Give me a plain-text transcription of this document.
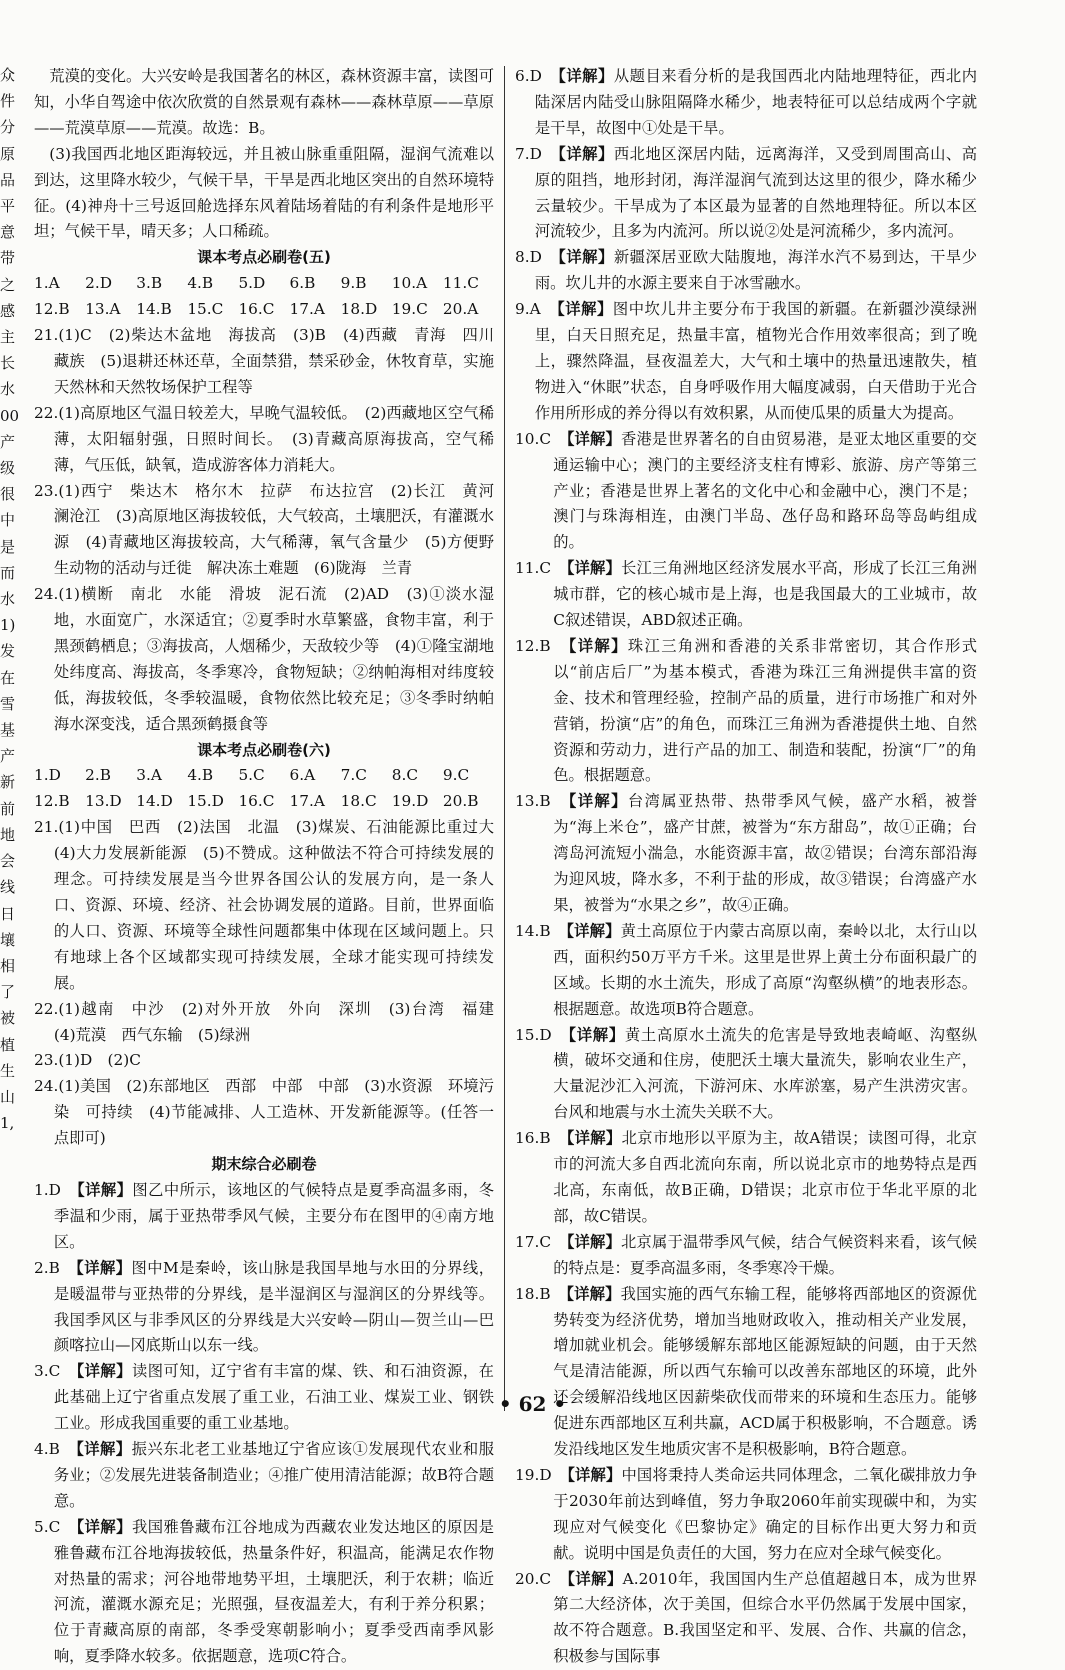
众
件
分
原
品
平
意
带
之
感
主
长
水
00
产
级
很
中
是
而
水
1)
发
在
雪
基
产
新
前
地
会
线
日
壤
相
了
被
植
生
山
1,

荒漠的变化。大兴安岭是我国著名的林区，森林资源丰富，读图可知，小华自驾途中依次欣赏的自然景观有森林——森林草原——草原——荒漠草原——荒漠。故选：B。

(3)我国西北地区距海较远，并且被山脉重重阻隔，湿润气流难以到达，这里降水较少，气候干旱，干旱是西北地区突出的自然环境特征。(4)神舟十三号返回舱选择东风着陆场着陆的有利条件是地形平坦；气候干旱，晴天多；人口稀疏。

课本考点必刷卷(五)

1.A	2.D	3.B	4.B	5.D	6.B	9.B	10.A	11.C
12.B	13.A	14.B	15.C 16.C 17.A	18.D 19.C 20.A

21.(1)C　(2)柴达木盆地　海拔高　(3)B　(4)西藏　青海　四川　藏族　(5)退耕还林还草，全面禁猎，禁采砂金，休牧育草，实施天然林和天然牧场保护工程等

22.(1)高原地区气温日较差大，早晚气温较低。　(2)西藏地区空气稀薄，太阳辐射强，日照时间长。　(3)青藏高原海拔高，空气稀薄，气压低，缺氧，造成游客体力消耗大。

23.(1)西宁　柴达木　格尔木　拉萨　布达拉宫　(2)长江　黄河　澜沧江　(3)高原地区海拔较低，大气较高，土壤肥沃，有灌溉水源　(4)青藏地区海拔较高，大气稀薄，氧气含量少　(5)方便野生动物的活动与迁徙　解决冻土难题　(6)陇海　兰青

24.(1)横断　南北　水能　滑坡　泥石流　(2)AD　(3)①淡水湿地，水面宽广，水深适宜；②夏季时水草繁盛，食物丰富，利于黑颈鹤栖息；③海拔高，人烟稀少，天敌较少等　(4)①隆宝湖地处纬度高、海拔高，冬季寒冷，食物短缺；②纳帕海相对纬度较低，海拔较低，冬季较温暖，食物依然比较充足；③冬季时纳帕海水深变浅，适合黑颈鹤摄食等

课本考点必刷卷(六)

1.D	2.B	3.A	4.B	5.C	6.A	7.C	8.C	9.C
12.B	13.D 14.D 15.D 16.C 17.A	18.C 19.D 20.B

21.(1)中国　巴西　(2)法国　北温　(3)煤炭、石油能源比重过大　(4)大力发展新能源　(5)不赞成。这种做法不符合可持续发展的理念。可持续发展是当今世界各国公认的发展方向，是一条人口、资源、环境、经济、社会协调发展的道路。目前，世界面临的人口、资源、环境等全球性问题都集中体现在区域问题上。只有地球上各个区域都实现可持续发展，全球才能实现可持续发展。

22.(1)越南　中沙　(2)对外开放　外向　深圳　(3)台湾　福建　(4)荒漠　西气东输　(5)绿洲

23.(1)D　(2)C

24.(1)美国　(2)东部地区　西部　中部　中部　(3)水资源　环境污染　可持续　(4)节能减排、人工造林、开发新能源等。(任答一点即可)

期末综合必刷卷

1.D　【详解】图乙中所示，该地区的气候特点是夏季高温多雨，冬季温和少雨，属于亚热带季风气候，主要分布在图甲的④南方地区。

2.B　【详解】图中M是秦岭，该山脉是我国旱地与水田的分界线，是暖温带与亚热带的分界线，是半湿润区与湿润区的分界线等。我国季风区与非季风区的分界线是大兴安岭—阴山—贺兰山—巴颜喀拉山—冈底斯山以东一线。

3.C　【详解】读图可知，辽宁省有丰富的煤、铁、和石油资源，在此基础上辽宁省重点发展了重工业，石油工业、煤炭工业、钢铁工业。形成我国重要的重工业基地。

4.B　【详解】振兴东北老工业基地辽宁省应该①发展现代农业和服务业；②发展先进装备制造业；④推广使用清洁能源；故B符合题意。

5.C　【详解】我国雅鲁藏布江谷地成为西藏农业发达地区的原因是雅鲁藏布江谷地海拔较低，热量条件好，积温高，能满足农作物对热量的需求；河谷地带地势平坦，土壤肥沃，利于农耕；临近河流，灌溉水源充足；光照强，昼夜温差大，有利于养分积累；位于青藏高原的南部，冬季受寒朝影响小；夏季受西南季风影响，夏季降水较多。依据题意，选项C符合。

6.D　【详解】从题目来看分析的是我国西北内陆地理特征，西北内陆深居内陆受山脉阻隔降水稀少，地表特征可以总结成两个字就是干旱，故图中①处是干旱。

7.D　【详解】西北地区深居内陆，远离海洋，又受到周围高山、高原的阻挡，地形封闭，海洋湿润气流到达这里的很少，降水稀少云量较少。干旱成为了本区最为显著的自然地理特征。所以本区河流较少，且多为内流河。所以说②处是河流稀少，多内流河。

8.D　【详解】新疆深居亚欧大陆腹地，海洋水汽不易到达，干旱少雨。坎儿井的水源主要来自于冰雪融水。

9.A　【详解】图中坎儿井主要分布于我国的新疆。在新疆沙漠绿洲里，白天日照充足，热量丰富，植物光合作用效率很高；到了晚上，骤然降温，昼夜温差大，大气和土壤中的热量迅速散失，植物进入“休眠”状态，自身呼吸作用大幅度减弱，白天借助于光合作用所形成的养分得以有效积累，从而使瓜果的质量大为提高。

10.C　【详解】香港是世界著名的自由贸易港，是亚太地区重要的交通运输中心；澳门的主要经济支柱有博彩、旅游、房产等第三产业；香港是世界上著名的文化中心和金融中心，澳门不是；澳门与珠海相连，由澳门半岛、氹仔岛和路环岛等岛屿组成的。

11.C　【详解】长江三角洲地区经济发展水平高，形成了长江三角洲城市群，它的核心城市是上海，也是我国最大的工业城市，故C叙述错误，ABD叙述正确。

12.B　【详解】珠江三角洲和香港的关系非常密切，其合作形式以“前店后厂”为基本模式，香港为珠江三角洲提供丰富的资金、技术和管理经验，控制产品的质量，进行市场推广和对外营销，扮演“店”的角色，而珠江三角洲为香港提供土地、自然资源和劳动力，进行产品的加工、制造和装配，扮演“厂”的角色。根据题意。

13.B　【详解】台湾属亚热带、热带季风气候，盛产水稻，被誉为“海上米仓”，盛产甘蔗，被誉为“东方甜岛”，故①正确；台湾岛河流短小湍急，水能资源丰富，故②错误；台湾东部沿海为迎风坡，降水多，不利于盐的形成，故③错误；台湾盛产水果，被誉为“水果之乡”，故④正确。

14.B　【详解】黄土高原位于内蒙古高原以南，秦岭以北，太行山以西，面积约50万平方千米。这里是世界上黄土分布面积最广的区域。长期的水土流失，形成了高原“沟壑纵横”的地表形态。根据题意。故选项B符合题意。

15.D　【详解】黄土高原水土流失的危害是导致地表崎岖、沟壑纵横，破坏交通和住房，使肥沃土壤大量流失，影响农业生产，大量泥沙汇入河流，下游河床、水库淤塞，易产生洪涝灾害。台风和地震与水土流失关联不大。

16.B　【详解】北京市地形以平原为主，故A错误；读图可得，北京市的河流大多自西北流向东南，所以说北京市的地势特点是西北高，东南低，故B正确，D错误；北京市位于华北平原的北部，故C错误。

17.C　【详解】北京属于温带季风气候，结合气候资料来看，该气候的特点是：夏季高温多雨，冬季寒冷干燥。

18.B　【详解】我国实施的西气东输工程，能够将西部地区的资源优势转变为经济优势，增加当地财政收入，推动相关产业发展，增加就业机会。能够缓解东部地区能源短缺的问题，由于天然气是清洁能源，所以西气东输可以改善东部地区的环境，此外还会缓解沿线地区因薪柴砍伐而带来的环境和生态压力。能够促进东西部地区互利共赢，ACD属于积极影响，不合题意。诱发沿线地区发生地质灾害不是积极影响，B符合题意。

19.D　【详解】中国将秉持人类命运共同体理念，二氧化碳排放力争于2030年前达到峰值，努力争取2060年前实现碳中和，为实现应对气候变化《巴黎协定》确定的目标作出更大努力和贡献。说明中国是负责任的大国，努力在应对全球气候变化。

20.C　【详解】A.2010年，我国国内生产总值超越日本，成为世界第二大经济体，次于美国，但综合水平仍然属于发展中国家，故不符合题意。B.我国坚定和平、发展、合作、共赢的信念，积极参与国际事

• 62 •
